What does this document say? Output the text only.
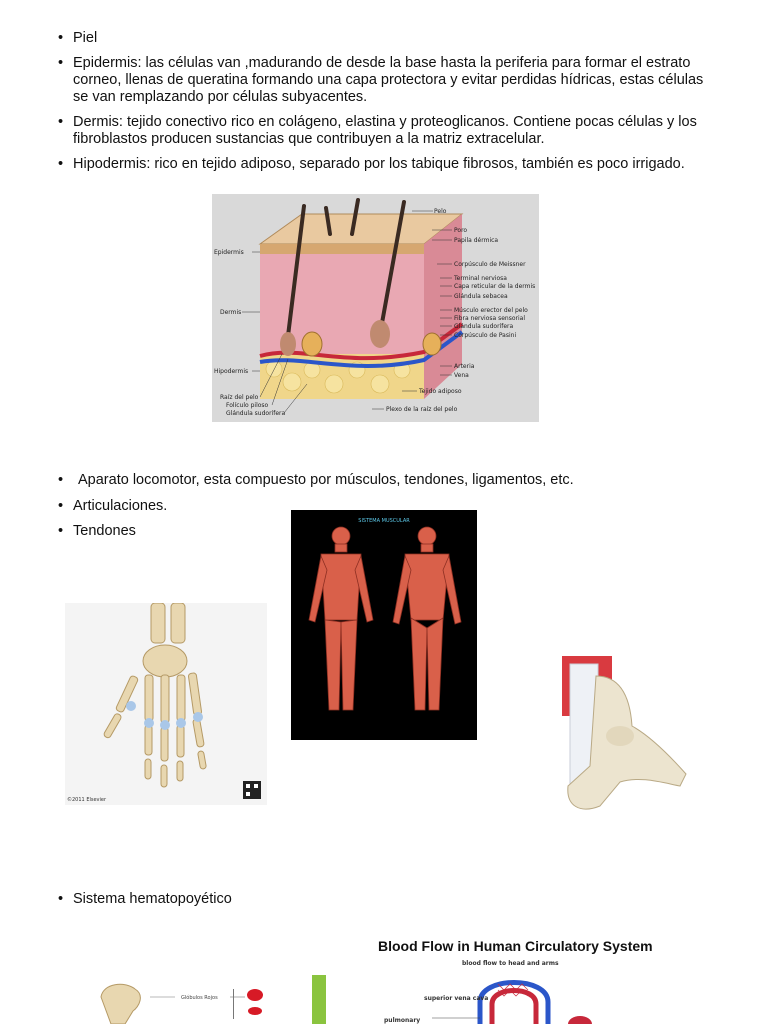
• Piel
• Epidermis: las células van ,madurando de desde la base hasta la periferia para formar el estrato corneo, llenas de queratina formando una capa protectora y evitar perdidas hídricas, estas células se van remplazando por células subyacentes.
• Dermis: tejido conectivo rico en colágeno, elastina y proteoglicanos. Contiene pocas células y los fibroblastos producen sustancias que contribuyen a la matriz extracelular.
• Hipodermis: rico en tejido adiposo, separado por los tabique fibrosos, también es poco irrigado.
Epidermis
Dermis
Hipodermis
Raíz del pelo
Folículo piloso
Glándula sudorífera
Pelo
Poro
Papila dérmica
Corpúsculo de Meissner
Terminal nerviosa
Capa reticular de la dermis
Glándula sebacea
Músculo erector del pelo
Fibra nerviosa sensorial
Glándula sudorífera
Corpúsculo de Pasini
Arteria
Vena
Tejido adiposo
Plexo de la raíz del pelo
• Aparato locomotor, esta compuesto por músculos, tendones, ligamentos, etc.
• Articulaciones.
• Tendones
©2011 Elsevier
SISTEMA MUSCULAR
• Sistema hematopoyético
Glóbulos Rojos
Blood Flow in Human Circulatory System
blood flow to head and arms
superior vena cava
pulmonary
